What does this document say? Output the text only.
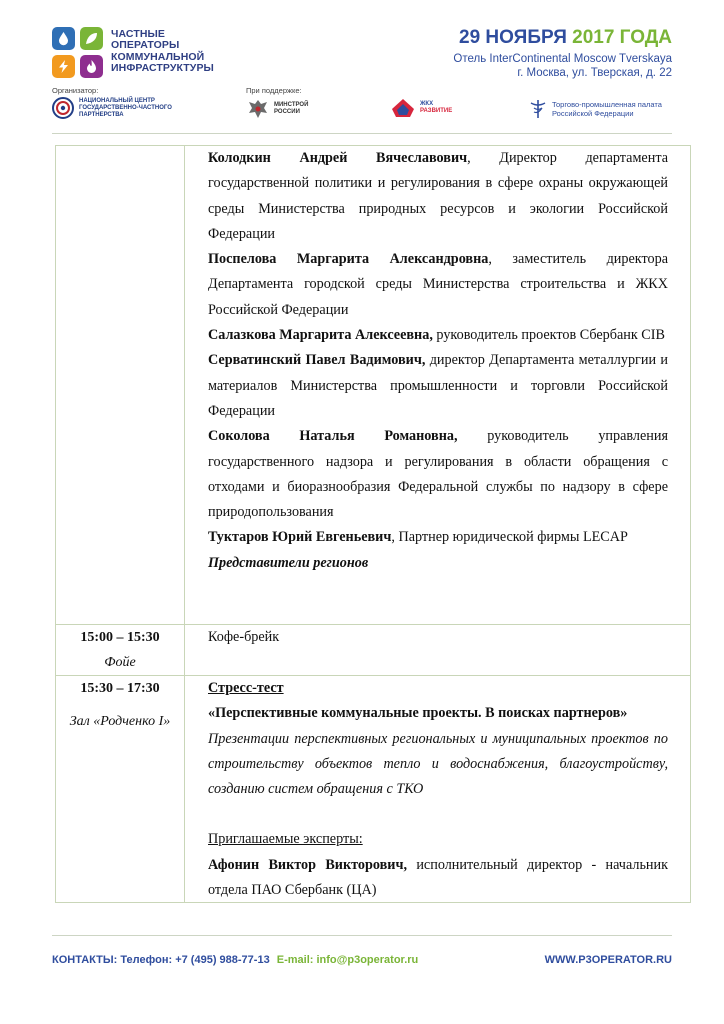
ЧАСТНЫЕ
ОПЕРАТОРЫ
КОММУНАЛЬНОЙ
ИНФРАСТРУКТУРЫ
29 НОЯБРЯ 2017 ГОДА
Отель InterContinental Moscow Tverskaya
г. Москва, ул. Тверская, д. 22
Организатор:	При поддержке:
НАЦИОНАЛЬНЫЙ ЦЕНТР
ГОСУДАРСТВЕННО-ЧАСТНОГО
ПАРТНЕРСТВА
МИНСТРОЙ
РОССИИ
ЖКХ
РАЗВИТИЕ
Торгово-промышленная палата
Российской Федерации

Колодкин Андрей Вячеславович, Директор департамента государственной политики и регулирования в сфере охраны окружающей среды Министерства природных ресурсов и экологии Российской Федерации

Поспелова Маргарита Александровна, заместитель директора Департамента городской среды Министерства строительства и ЖКХ Российской Федерации

Салазкова Маргарита Алексеевна, руководитель проектов Сбербанк CIB

Серватинский Павел Вадимович, директор Департамента металлургии и материалов Министерства промышленности и торговли Российской Федерации

Соколова Наталья Романовна, руководитель управления государственного надзора и регулирования в области обращения с отходами и биоразнообразия Федеральной службы по надзору в сфере природопользования

Туктаров Юрий Евгеньевич, Партнер юридической фирмы LECAP

Представители регионов

15:00 – 15:30
Фойе
Кофе-брейк
15:30 – 17:30
Зал «Родченко I»

Стресс-тест

«Перспективные коммунальные проекты. В поисках партнеров»

Презентации перспективных региональных и муниципальных проектов по строительству объектов тепло и водоснабжения, благоустройству, созданию систем обращения с ТКО

Приглашаемые эксперты:

Афонин Виктор Викторович, исполнительный директор - начальник отдела ПАО Сбербанк (ЦА)

КОНТАКТЫ: Телефон: +7 (495) 988-77-13 E-mail: info@p3operator.ru	WWW.P3OPERATOR.RU
